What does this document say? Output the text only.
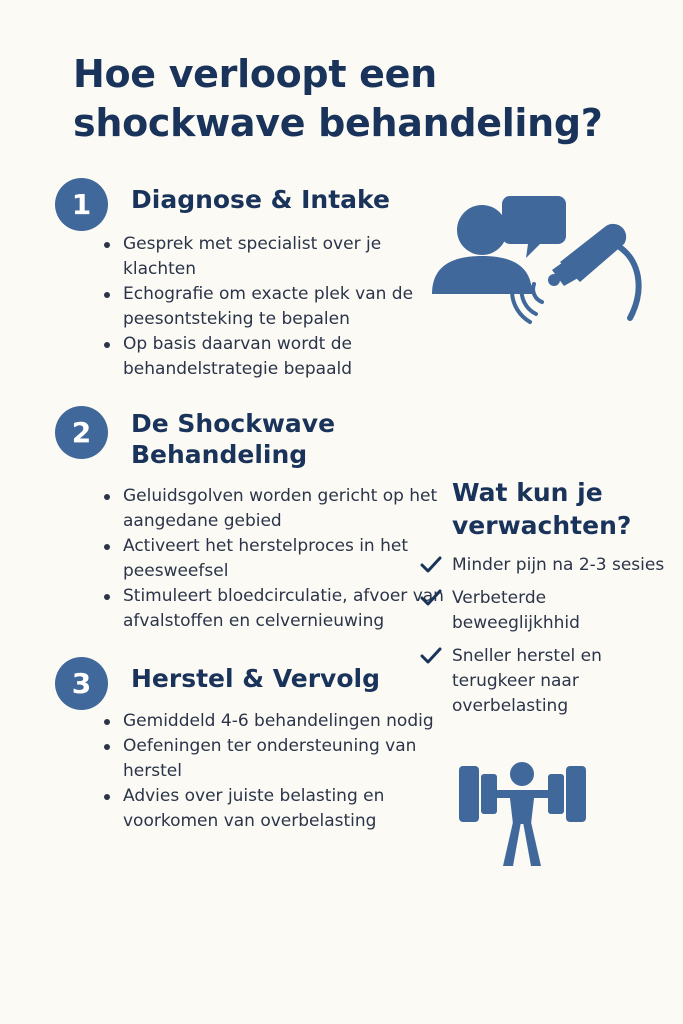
Hoe verloopt een shockwave behandeling?
1	Diagnose & Intake
Gesprek met specialist over je klachten
Echografie om exacte plek van de peesontsteking te bepalen
Op basis daarvan wordt de behandelstrategie bepaald
2	De Shockwave Behandeling
Geluidsgolven worden gericht op het aangedane gebied
Activeert het herstelproces in het peesweefsel
Stimuleert bloedcirculatie, afvoer van afvalstoffen en celvernieuwing
3	Herstel & Vervolg
Gemiddeld 4-6 behandelingen nodig
Oefeningen ter ondersteuning van herstel
Advies over juiste belasting en voorkomen van overbelasting
Wat kun je verwachten?
Minder pijn na 2-3 sesies
Verbeterde beweeglijkhhid
Sneller herstel en terugkeer naar overbelasting
